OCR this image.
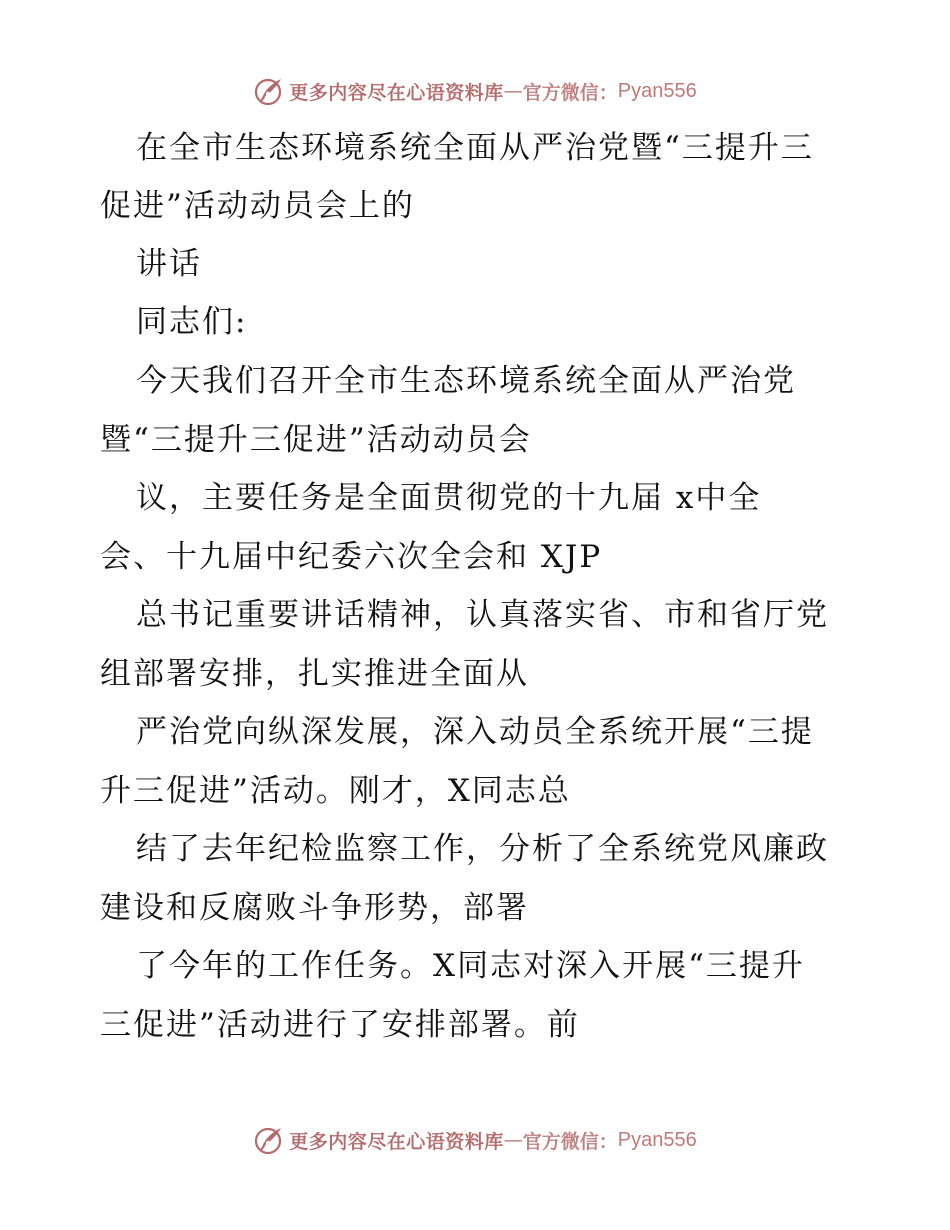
更多内容尽在心语资料库 — 官方微信： Pyan556
在全市生态环境系统全面从严治党暨“三提升三
促进”活动动员会上的
讲话
同志们:
今天我们召开全市生态环境系统全面从严治党
暨“三提升三促进”活动动员会
议，主要任务是全面贯彻党的十九届 x中全
会、十九届中纪委六次全会和 XJP
总书记重要讲话精神，认真落实省、市和省厅党
组部署安排，扎实推进全面从
严治党向纵深发展，深入动员全系统开展“三提
升三促进”活动。刚才，X同志总
结了去年纪检监察工作，分析了全系统党风廉政
建设和反腐败斗争形势，部署
了今年的工作任务。X同志对深入开展“三提升
三促进”活动进行了安排部署。前
更多内容尽在心语资料库 — 官方微信： Pyan556
